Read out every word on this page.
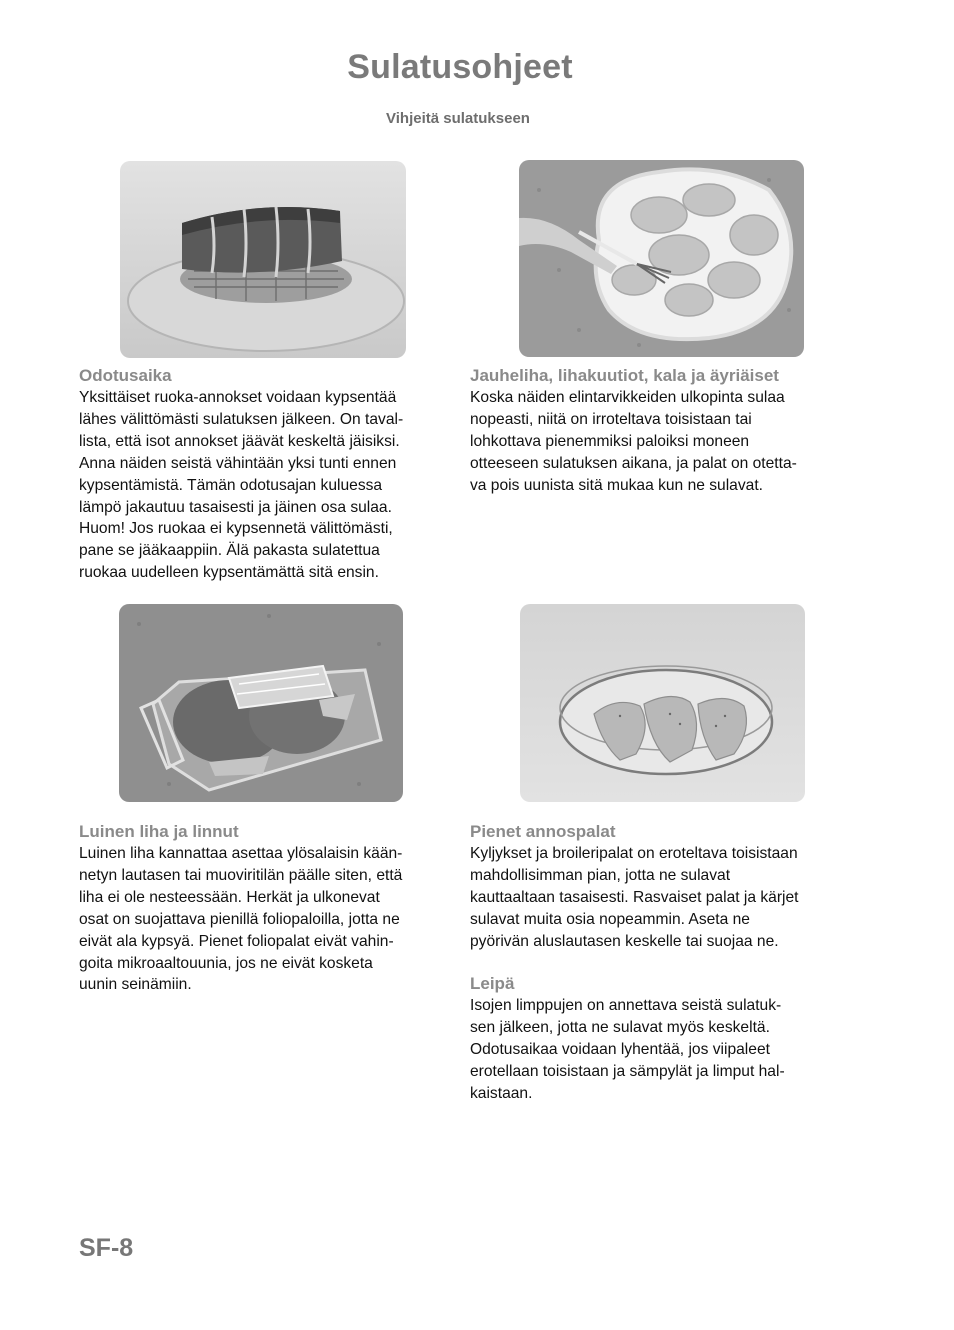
Sulatusohjeet
Vihjeitä sulatukseen
Odotusaika
Yksittäiset ruoka-annokset voidaan kypsentää
lähes välittömästi sulatuksen jälkeen. On taval-
lista, että isot annokset jäävät keskeltä jäisiksi.
Anna näiden seistä vähintään yksi tunti ennen
kypsentämistä. Tämän odotusajan kuluessa
lämpö jakautuu tasaisesti ja jäinen osa sulaa.
Huom! Jos ruokaa ei kypsennetä välittömästi,
pane se jääkaappiin. Älä pakasta sulatettua
ruokaa uudelleen kypsentämättä sitä ensin.
Jauheliha, lihakuutiot, kala ja äyriäiset
Koska näiden elintarvikkeiden ulkopinta sulaa
nopeasti, niitä on irroteltava toisistaan tai
lohkottava pienemmiksi paloiksi moneen
otteeseen sulatuksen aikana, ja palat on otetta-
va pois uunista sitä mukaa kun ne sulavat.
Luinen liha ja linnut
Luinen liha kannattaa asettaa ylösalaisin kään-
netyn lautasen tai muoviritilän päälle siten, että
liha ei ole nesteessään. Herkät ja ulkonevat
osat on suojattava pienillä foliopaloilla, jotta ne
eivät ala kypsyä. Pienet foliopalat eivät vahin-
goita mikroaaltouunia, jos ne eivät kosketa
uunin seinämiin.
Pienet annospalat
Kyljykset ja broileripalat on eroteltava toisistaan
mahdollisimman pian, jotta ne sulavat
kauttaaltaan tasaisesti. Rasvaiset palat ja kärjet
sulavat muita osia nopeammin. Aseta ne
pyörivän aluslautasen keskelle tai suojaa ne.
Leipä
Isojen limppujen on annettava seistä sulatuk-
sen jälkeen, jotta ne sulavat myös keskeltä.
Odotusaikaa voidaan lyhentää, jos viipaleet
erotellaan toisistaan ja sämpylät ja limput hal-
kaistaan.
SF-8
